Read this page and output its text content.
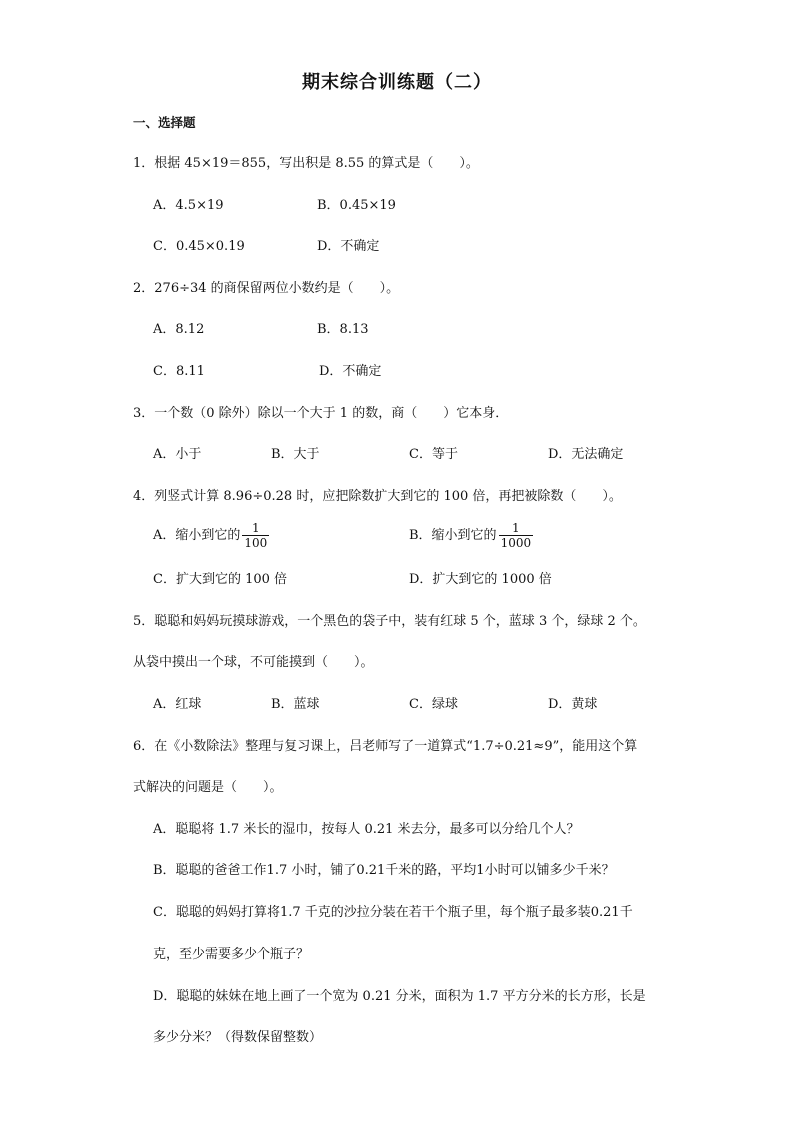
期末综合训练题（二）
一、选择题
1．根据 45×19＝855，写出积是 8.55 的算式是（　　）。
A．4.5×19	B．0.45×19
C．0.45×0.19	D．不确定
2．276÷34 的商保留两位小数约是（　　）。
A．8.12	B．8.13
C．8.11	D．不确定
3．一个数（0 除外）除以一个大于 1 的数，商（　　）它本身．
A．小于	B．大于	C．等于	D．无法确定
4．列竖式计算 8.96÷0.28 时，应把除数扩大到它的 100 倍，再把被除数（　　）。
A．缩小到它的 $\frac{1}{100}$	B．缩小到它的 $\frac{1}{1000}$
C．扩大到它的 100 倍	D．扩大到它的 1000 倍
5．聪聪和妈妈玩摸球游戏，一个黑色的袋子中，装有红球 5 个，蓝球 3 个，绿球 2 个。
从袋中摸出一个球，不可能摸到（　　）。
A．红球	B．蓝球	C．绿球	D．黄球
6．在《小数除法》整理与复习课上，吕老师写了一道算式“1.7÷0.21≈9”，能用这个算
式解决的问题是（　　）。
A．聪聪将 1.7 米长的湿巾，按每人 0.21 米去分，最多可以分给几个人？
B．聪聪的爸爸工作1.7 小时，铺了0.21千米的路，平均1小时可以铺多少千米？
C．聪聪的妈妈打算将1.7 千克的沙拉分装在若干个瓶子里，每个瓶子最多装0.21千
克，至少需要多少个瓶子？
D．聪聪的妹妹在地上画了一个宽为 0.21 分米，面积为 1.7 平方分米的长方形，长是
多少分米？（得数保留整数）
